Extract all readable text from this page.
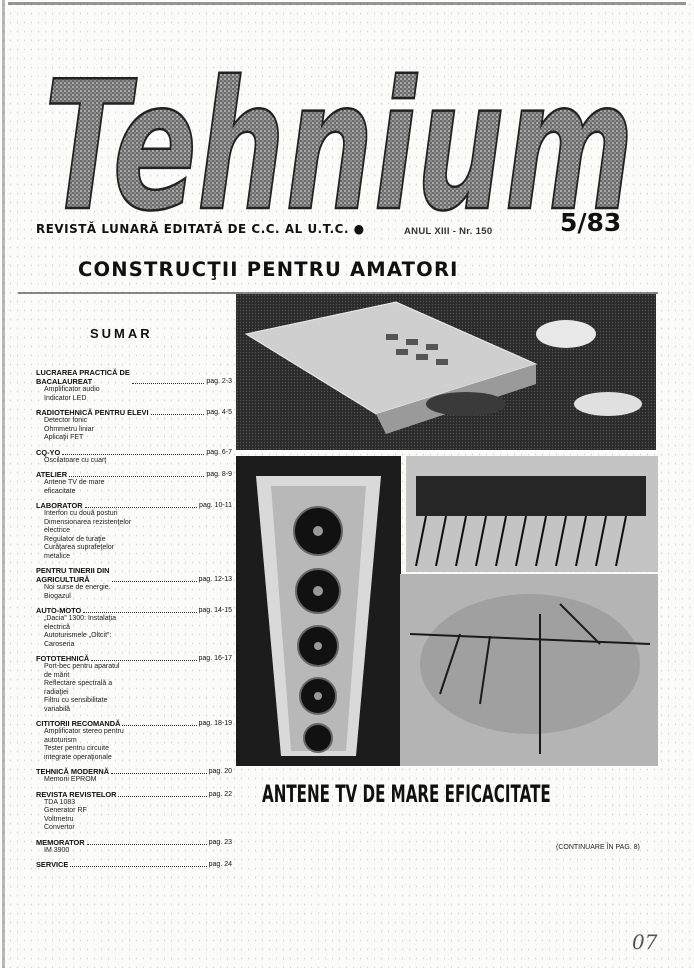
Tehnium
REVISTĂ LUNARĂ EDITATĂ DE C.C. AL U.T.C. ●	ANUL XIII - Nr. 150	5/83
CONSTRUCŢII PENTRU AMATORI
SUMAR
LUCRAREA PRACTICĂ DE
BACALAUREAT	pag. 2-3
Amplificator audio
Indicator LED
RADIOTEHNICĂ PENTRU ELEVI	pag. 4-5
Detector fonic
Ohmmetru liniar
Aplicaţii FET
CQ-YO	pag. 6-7
Oscilatoare cu cuarţ
ATELIER	pag. 8-9
Antene TV de mare
eficacitate
LABORATOR	pag. 10-11
Interfon cu două posturi
Dimensionarea rezistenţelor
electrice
Regulator de turaţie
Curăţarea suprafeţelor
metalice
PENTRU TINERII DIN
AGRICULTURĂ	pag. 12-13
Noi surse de energie.
Biogazul
AUTO-MOTO	pag. 14-15
„Dacia” 1300: Instalaţia
electrică
Autoturismele „Oltcit”:
Caroseria
FOTOTEHNICĂ	pag. 16-17
Port-bec pentru aparatul
de mărit
Reflectare spectrală a
radiaţiei
Filtru cu sensibilitate
variabilă
CITITORII RECOMANDĂ	pag. 18-19
Amplificator stereo pentru
autoturism
Tester pentru circuite
integrate operaţionale
TEHNICĂ MODERNĂ	pag. 20
Memorii EPROM
REVISTA REVISTELOR	pag. 22
TDA 1083
Generator RF
Voltmetru
Convertor
MEMORATOR	pag. 23
IM 3900
SERVICE	pag. 24
ANTENE TV DE MARE EFICACITATE
(CONTINUARE ÎN PAG. 8)
07
